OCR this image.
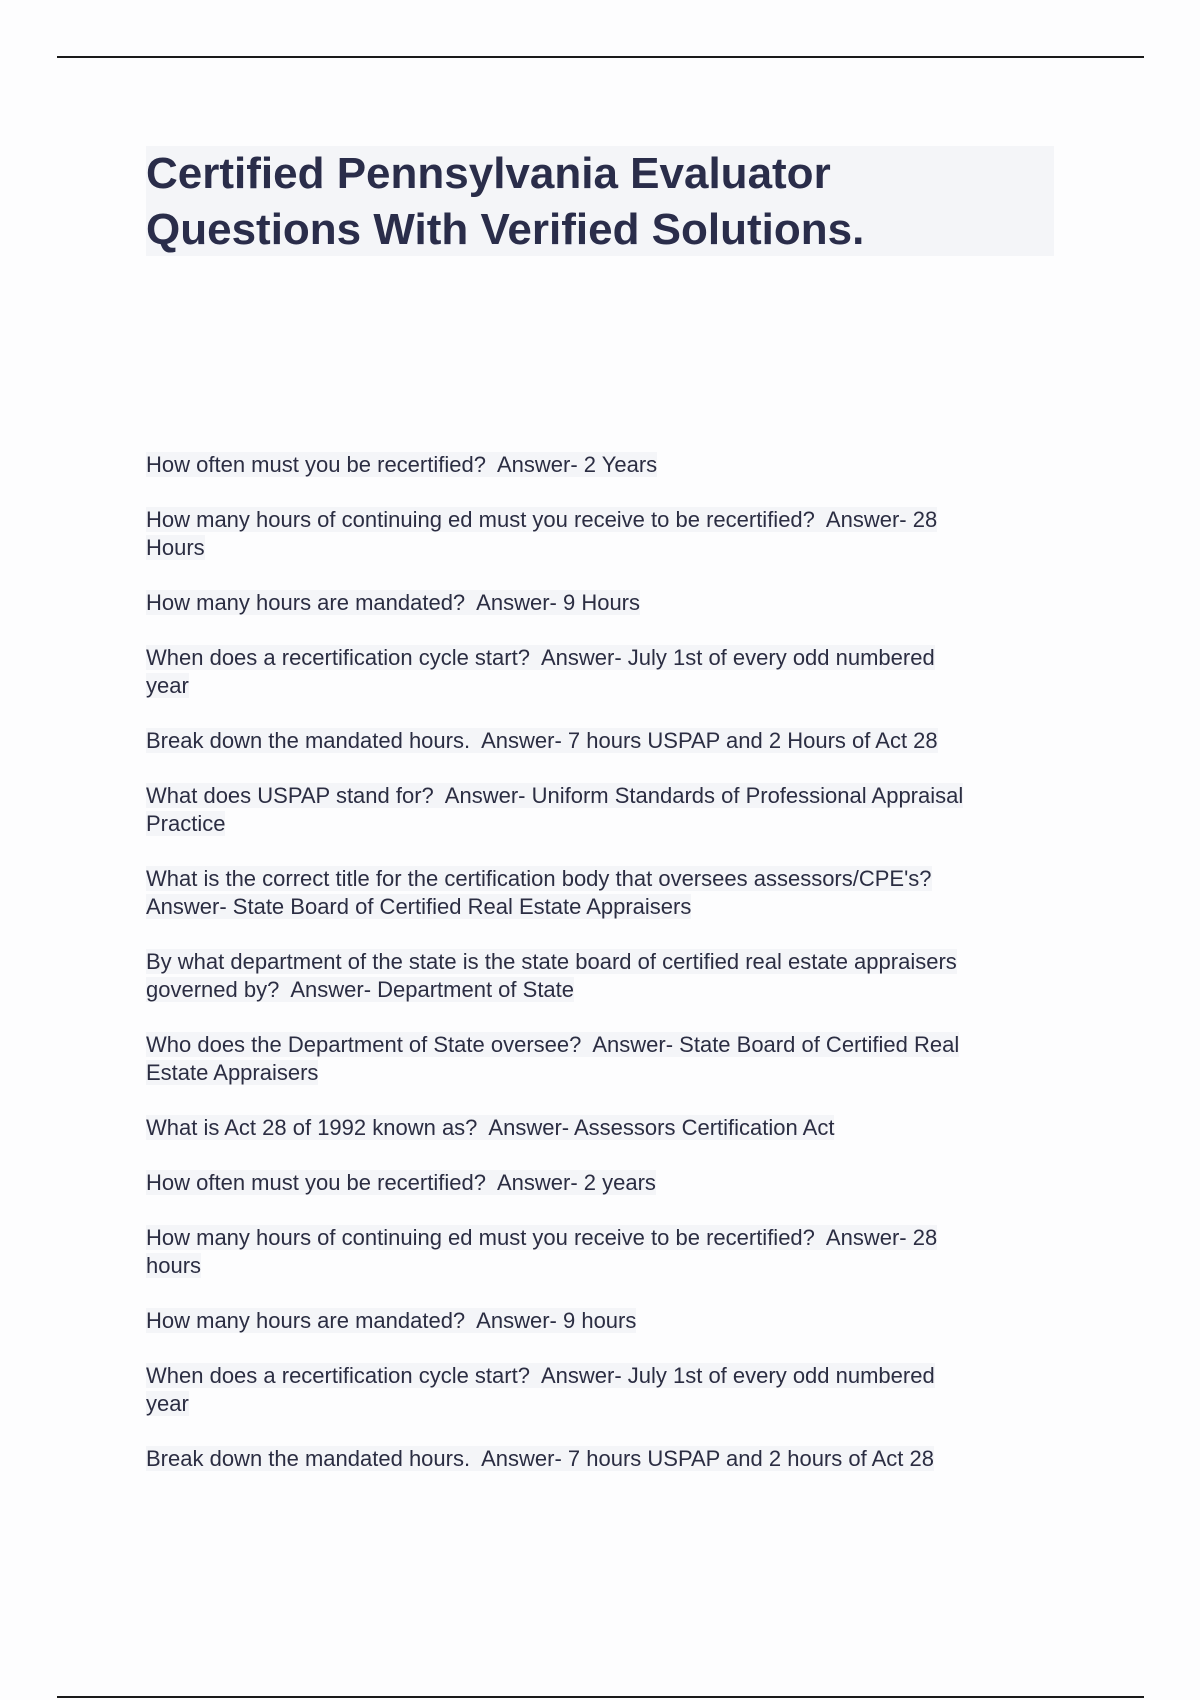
Certified Pennsylvania Evaluator
Questions With Verified Solutions.

How often must you be recertified?  Answer- 2 Years

How many hours of continuing ed must you receive to be recertified?  Answer- 28
Hours

How many hours are mandated?  Answer- 9 Hours

When does a recertification cycle start?  Answer- July 1st of every odd numbered
year

Break down the mandated hours.  Answer- 7 hours USPAP and 2 Hours of Act 28

What does USPAP stand for?  Answer- Uniform Standards of Professional Appraisal
Practice

What is the correct title for the certification body that oversees assessors/CPE's?
Answer- State Board of Certified Real Estate Appraisers

By what department of the state is the state board of certified real estate appraisers
governed by?  Answer- Department of State

Who does the Department of State oversee?  Answer- State Board of Certified Real
Estate Appraisers

What is Act 28 of 1992 known as?  Answer- Assessors Certification Act

How often must you be recertified?  Answer- 2 years

How many hours of continuing ed must you receive to be recertified?  Answer- 28
hours

How many hours are mandated?  Answer- 9 hours

When does a recertification cycle start?  Answer- July 1st of every odd numbered
year

Break down the mandated hours.  Answer- 7 hours USPAP and 2 hours of Act 28
